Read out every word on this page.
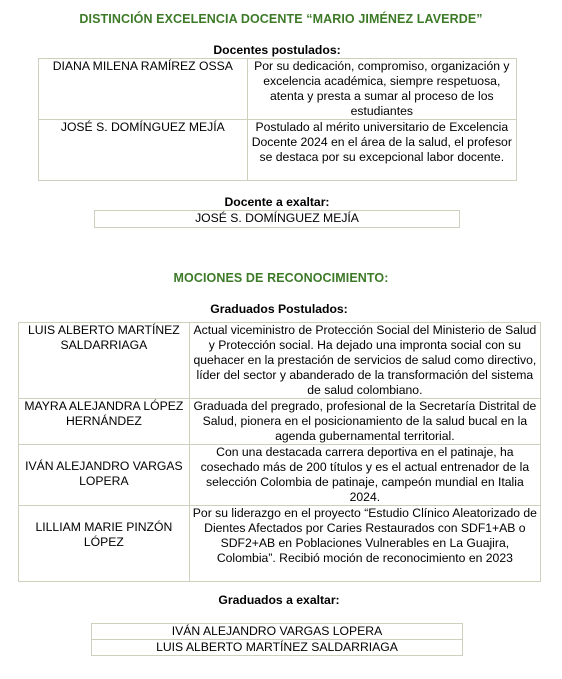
DISTINCIÓN EXCELENCIA DOCENTE “MARIO JIMÉNEZ LAVERDE”
Docentes postulados:
DIANA MILENA RAMÍREZ OSSA	Por su dedicación, compromiso, organización y excelencia académica, siempre respetuosa, atenta y presta a sumar al proceso de los estudiantes
JOSÉ S. DOMÍNGUEZ MEJÍA	Postulado al mérito universitario de Excelencia Docente 2024 en el área de la salud, el profesor se destaca por su excepcional labor docente.
Docente a exaltar:
JOSÉ S. DOMÍNGUEZ MEJÍA
MOCIONES DE RECONOCIMIENTO:
Graduados Postulados:
LUIS ALBERTO MARTÍNEZ SALDARRIAGA	Actual viceministro de Protección Social del Ministerio de Salud y Protección social. Ha dejado una impronta social con su quehacer en la prestación de servicios de salud como directivo, líder del sector y abanderado de la transformación del sistema de salud colombiano.
MAYRA ALEJANDRA LÓPEZ HERNÁNDEZ	Graduada del pregrado, profesional de la Secretaría Distrital de Salud, pionera en el posicionamiento de la salud bucal en la agenda gubernamental territorial.
IVÁN ALEJANDRO VARGAS LOPERA	Con una destacada carrera deportiva en el patinaje, ha cosechado más de 200 títulos y es el actual entrenador de la selección Colombia de patinaje, campeón mundial en Italia 2024.
LILLIAM MARIE PINZÓN LÓPEZ	Por su liderazgo en el proyecto “Estudio Clínico Aleatorizado de Dientes Afectados por Caries Restaurados con SDF1+AB o SDF2+AB en Poblaciones Vulnerables en La Guajira, Colombia”. Recibió moción de reconocimiento en 2023
Graduados a exaltar:
IVÁN ALEJANDRO VARGAS LOPERA
LUIS ALBERTO MARTÍNEZ SALDARRIAGA
